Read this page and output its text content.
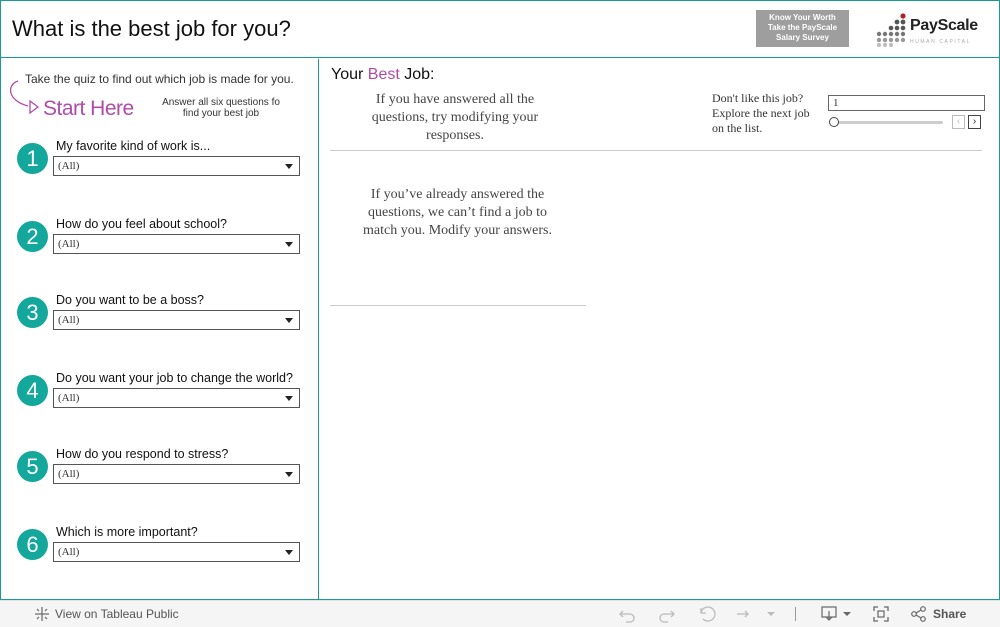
What is the best job for you?	Know Your Worth
Take the PayScale
Salary Survey
PayScale
HUMAN CAPITAL
Take the quiz to find out which job is made for you.
Start Here	Answer all six questions fo find your best job
1	My favorite kind of work is...
(All)
2	How do you feel about school?
(All)
3	Do you want to be a boss?
(All)
4	Do you want your job to change the world?
(All)
5	How do you respond to stress?
(All)
6	Which is more important?
(All)
Your Best Job:
If you have answered all the questions, try modifying your responses.
Don't like this job? Explore the next job on the list.
1
‹	›
If you’ve already answered the questions, we can’t find a job to match you. Modify your answers.
View on Tableau Public	Share
